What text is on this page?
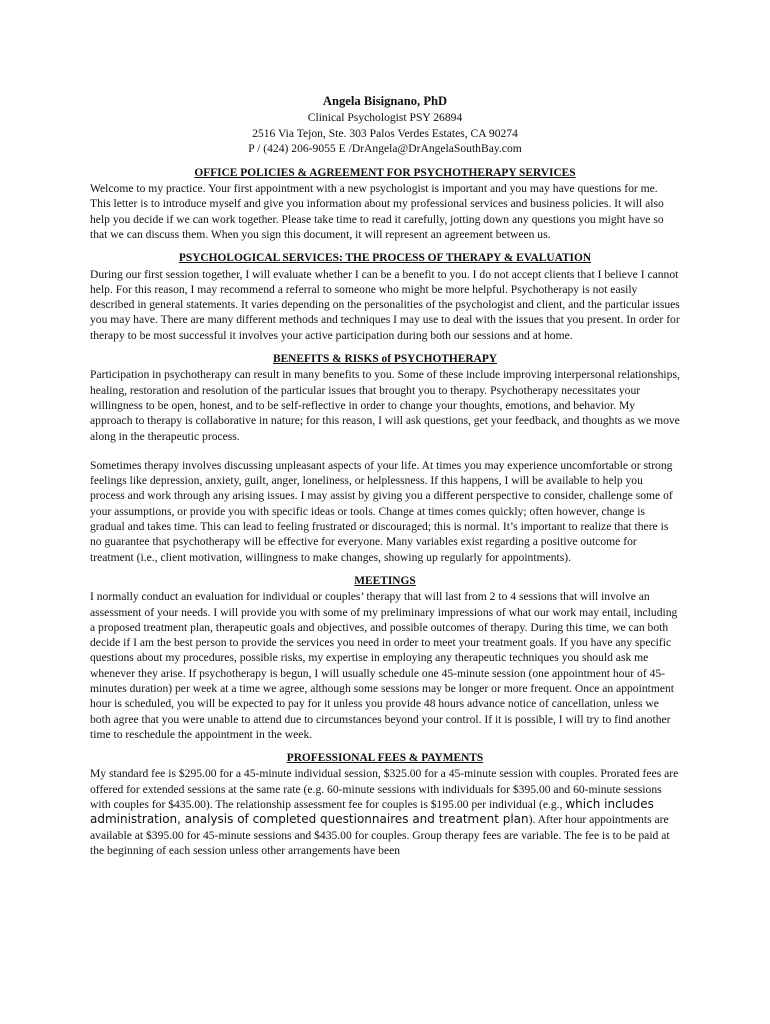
Angela Bisignano, PhD
Clinical Psychologist PSY 26894
2516 Via Tejon, Ste. 303 Palos Verdes Estates, CA 90274
P / (424) 206-9055 E /DrAngela@DrAngelaSouthBay.com
OFFICE POLICIES & AGREEMENT FOR PSYCHOTHERAPY SERVICES

Welcome to my practice. Your first appointment with a new psychologist is important and you may have questions for me. This letter is to introduce myself and give you information about my professional services and business policies. It will also help you decide if we can work together. Please take time to read it carefully, jotting down any questions you might have so that we can discuss them. When you sign this document, it will represent an agreement between us.

PSYCHOLOGICAL SERVICES: THE PROCESS OF THERAPY & EVALUATION

During our first session together, I will evaluate whether I can be a benefit to you. I do not accept clients that I believe I cannot help. For this reason, I may recommend a referral to someone who might be more helpful. Psychotherapy is not easily described in general statements. It varies depending on the personalities of the psychologist and client, and the particular issues you may have. There are many different methods and techniques I may use to deal with the issues that you present. In order for therapy to be most successful it involves your active participation during both our sessions and at home.

BENEFITS & RISKS of PSYCHOTHERAPY

Participation in psychotherapy can result in many benefits to you. Some of these include improving interpersonal relationships, healing, restoration and resolution of the particular issues that brought you to therapy. Psychotherapy necessitates your willingness to be open, honest, and to be self-reflective in order to change your thoughts, emotions, and behavior. My approach to therapy is collaborative in nature; for this reason, I will ask questions, get your feedback, and thoughts as we move along in the therapeutic process.

Sometimes therapy involves discussing unpleasant aspects of your life. At times you may experience uncomfortable or strong feelings like depression, anxiety, guilt, anger, loneliness, or helplessness. If this happens, I will be available to help you process and work through any arising issues. I may assist by giving you a different perspective to consider, challenge some of your assumptions, or provide you with specific ideas or tools. Change at times comes quickly; often however, change is gradual and takes time. This can lead to feeling frustrated or discouraged; this is normal. It’s important to realize that there is no guarantee that psychotherapy will be effective for everyone. Many variables exist regarding a positive outcome for treatment (i.e., client motivation, willingness to make changes, showing up regularly for appointments).

MEETINGS

I normally conduct an evaluation for individual or couples’ therapy that will last from 2 to 4 sessions that will involve an assessment of your needs. I will provide you with some of my preliminary impressions of what our work may entail, including a proposed treatment plan, therapeutic goals and objectives, and possible outcomes of therapy. During this time, we can both decide if I am the best person to provide the services you need in order to meet your treatment goals. If you have any specific questions about my procedures, possible risks, my expertise in employing any therapeutic techniques you should ask me whenever they arise. If psychotherapy is begun, I will usually schedule one 45-minute session (one appointment hour of 45-minutes duration) per week at a time we agree, although some sessions may be longer or more frequent. Once an appointment hour is scheduled, you will be expected to pay for it unless you provide 48 hours advance notice of cancellation, unless we both agree that you were unable to attend due to circumstances beyond your control. If it is possible, I will try to find another time to reschedule the appointment in the week.

PROFESSIONAL FEES & PAYMENTS

My standard fee is $295.00 for a 45-minute individual session, $325.00 for a 45-minute session with couples. Prorated fees are offered for extended sessions at the same rate (e.g. 60-minute sessions with individuals for $395.00 and 60-minute sessions with couples for $435.00). The relationship assessment fee for couples is $195.00 per individual (e.g., which includes administration, analysis of completed questionnaires and treatment plan). After hour appointments are available at $395.00 for 45-minute sessions and $435.00 for couples. Group therapy fees are variable. The fee is to be paid at the beginning of each session unless other arrangements have been
